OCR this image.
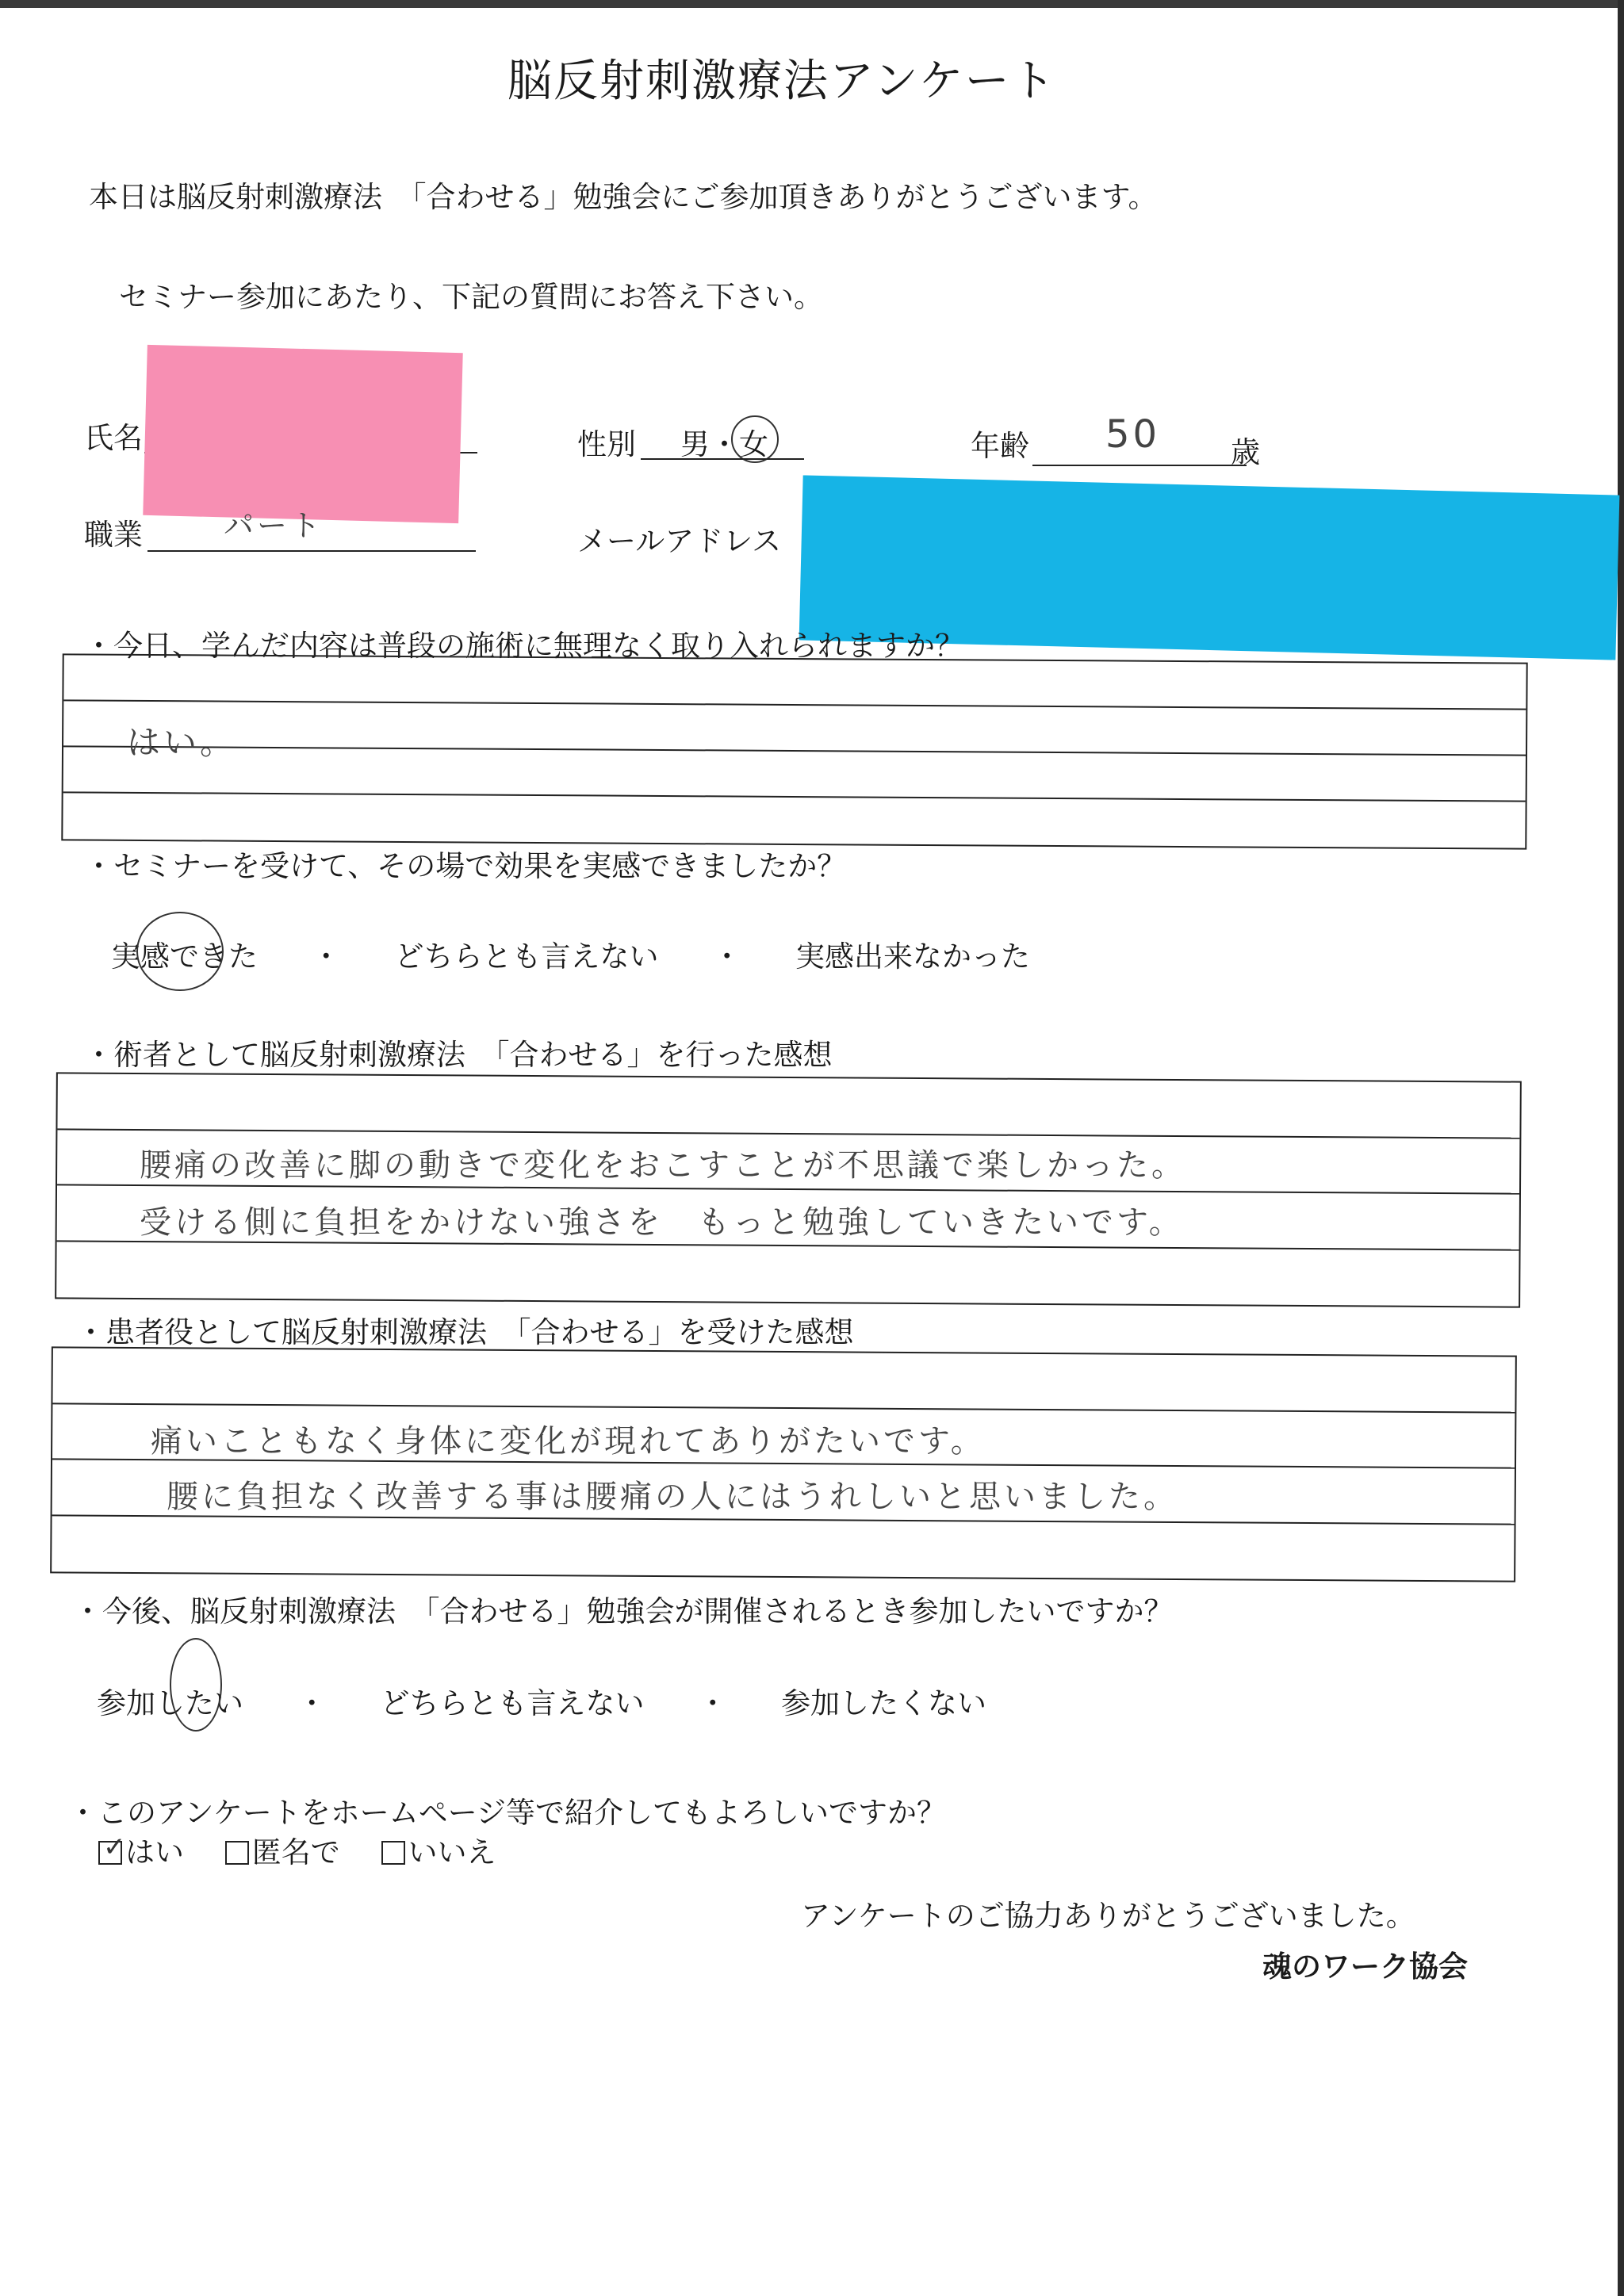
脳反射刺激療法アンケート
本日は脳反射刺激療法　「合わせる」勉強会にご参加頂きありがとうございます。
セミナー参加にあたり、下記の質問にお答え下さい。
氏名	性別 男・女	年齢 50 歳
職業	パート	メールアドレス
・今日、学んだ内容は普段の施術に無理なく取り入れられますか？
はい。
・セミナーを受けて、その場で効果を実感できましたか？
実感できた ・ どちらとも言えない ・ 実感出来なかった
・術者として脳反射刺激療法　「合わせる」を行った感想
腰痛の改善に脚の動きで変化をおこすことが不思議で楽しかった。
受ける側に負担をかけない強さを　もっと勉強していきたいです。
・患者役として脳反射刺激療法　「合わせる」を受けた感想
痛いこともなく身体に変化が現れてありがたいです。
腰に負担なく改善する事は腰痛の人にはうれしいと思いました。
・今後、脳反射刺激療法　「合わせる」勉強会が開催されるとき参加したいですか？
参加したい ・ どちらとも言えない ・ 参加したくない
・このアンケートをホームページ等で紹介してもよろしいですか？
✓ はい 匿名で いいえ
アンケートのご協力ありがとうございました。
魂のワーク協会
